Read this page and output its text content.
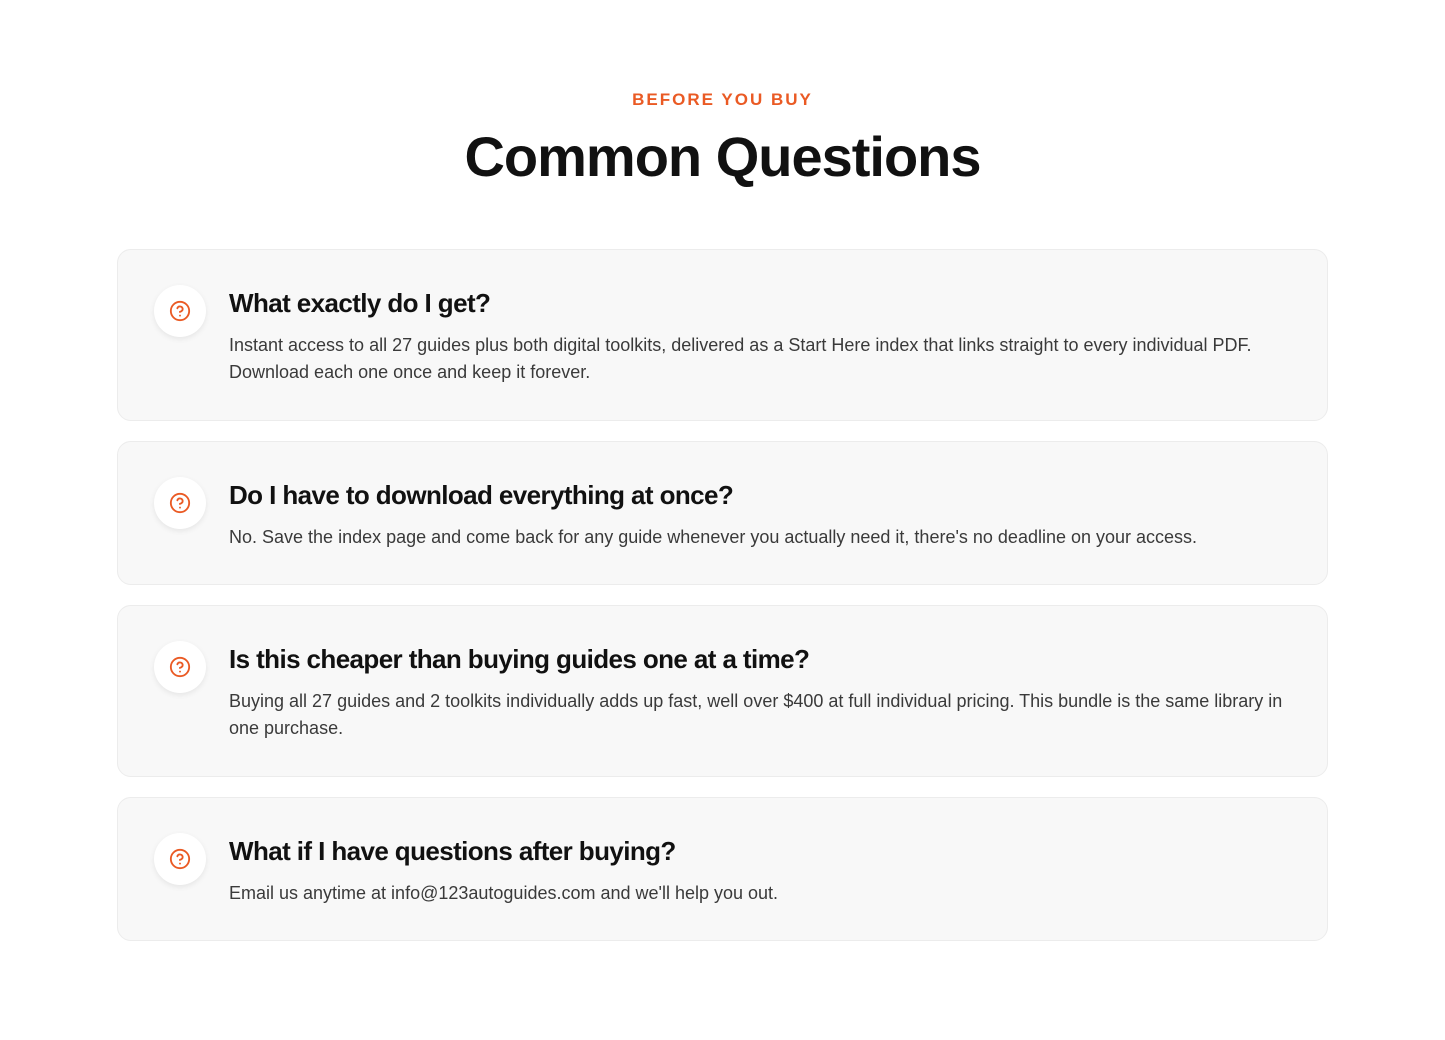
BEFORE YOU BUY
Common Questions
What exactly do I get?

Instant access to all 27 guides plus both digital toolkits, delivered as a Start Here index that links straight to every individual PDF. Download each one once and keep it forever.

Do I have to download everything at once?

No. Save the index page and come back for any guide whenever you actually need it, there's no deadline on your access.

Is this cheaper than buying guides one at a time?

Buying all 27 guides and 2 toolkits individually adds up fast, well over $400 at full individual pricing. This bundle is the same library in one purchase.

What if I have questions after buying?

Email us anytime at info@123autoguides.com and we'll help you out.
